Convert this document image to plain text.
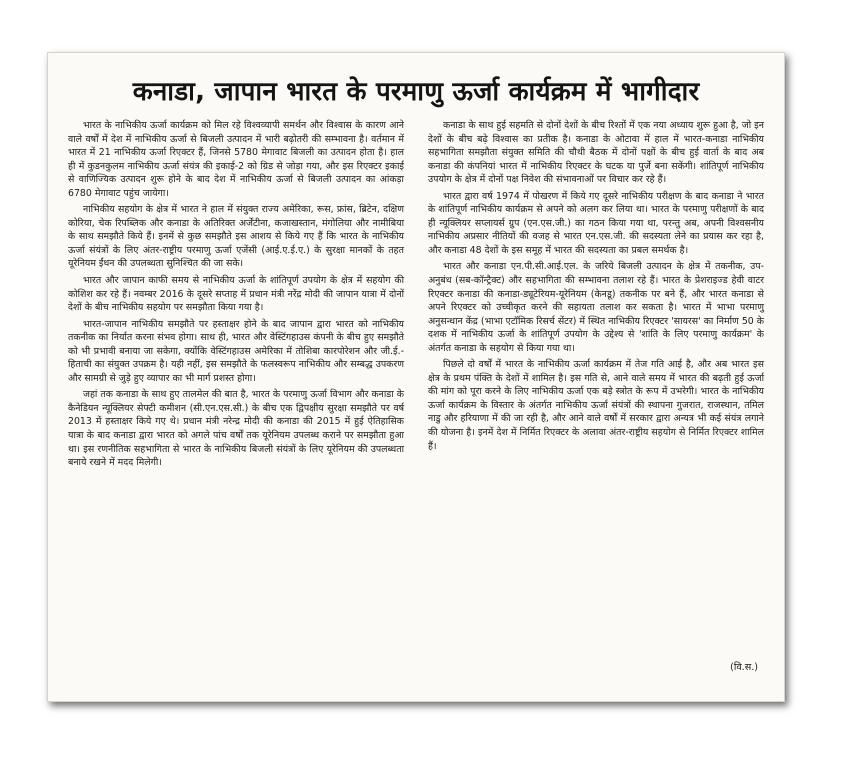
कनाडा, जापान भारत के परमाणु ऊर्जा कार्यक्रम में भागीदार

भारत के नाभिकीय ऊर्जा कार्यक्रम को मिल रहे विश्वव्यापी समर्थन और विश्वास के कारण आने वाले वर्षों में देश में नाभिकीय ऊर्जा से बिजली उत्पादन में भारी बढ़ोतरी की सम्भावना है। वर्तमान में भारत में 21 नाभिकीय ऊर्जा रिएक्टर हैं, जिनसे 5780 मेगावाट बिजली का उत्पादन होता है। हाल ही में कुडनकुलम नाभिकीय ऊर्जा संयंत्र की इकाई-2 को ग्रिड से जोड़ा गया, और इस रिएक्टर इकाई से वाणिज्यिक उत्पादन शुरू होने के बाद देश में नाभिकीय ऊर्जा से बिजली उत्पादन का आंकड़ा 6780 मेगावाट पहुंच जायेगा।

नाभिकीय सहयोग के क्षेत्र में भारत ने हाल में संयुक्त राज्य अमेरिका, रूस, फ्रांस, ब्रिटेन, दक्षिण कोरिया, चेक रिपब्लिक और कनाडा के अतिरिक्त अर्जेंटीना, कजाखस्तान, मंगोलिया और नामीबिया के साथ समझौते किये हैं। इनमें से कुछ समझौते इस आशय से किये गए हैं कि भारत के नाभिकीय ऊर्जा संयंत्रों के लिए अंतर-राष्ट्रीय परमाणु ऊर्जा एजेंसी (आई.ए.ई.ए.) के सुरक्षा मानकों के तहत यूरेनियम ईंधन की उपलब्धता सुनिश्चित की जा सके।

भारत और जापान काफी समय से नाभिकीय ऊर्जा के शांतिपूर्ण उपयोग के क्षेत्र में सहयोग की कोशिश कर रहे हैं। नवम्बर 2016 के दूसरे सप्ताह में प्रधान मंत्री नरेंद्र मोदी की जापान यात्रा में दोनों देशों के बीच नाभिकीय सहयोग पर समझौता किया गया है।

भारत-जापान नाभिकीय समझौते पर हस्ताक्षर होने के बाद जापान द्वारा भारत को नाभिकीय तकनीक का निर्यात करना संभव होगा। साथ ही, भारत और वेस्टिंगहाउस कंपनी के बीच हुए समझौते को भी प्रभावी बनाया जा सकेगा, क्योंकि वेस्टिंगहाउस अमेरिका में तोशिबा कारपोरेशन और जी.ई.-हिताची का संयुक्त उपक्रम है। यही नहीं, इस समझौते के फलस्वरूप नाभिकीय और सम्बद्ध उपकरण और सामग्री से जुड़े हुए व्यापार का भी मार्ग प्रशस्त होगा।

जहां तक कनाडा के साथ हुए तालमेल की बात है, भारत के परमाणु ऊर्जा विभाग और कनाडा के कैनेडियन न्यूक्लियर सेफ्टी कमीशन (सी.एन.एस.सी.) के बीच एक द्विपक्षीय सुरक्षा समझौते पर वर्ष 2013 में हस्ताक्षर किये गए थे। प्रधान मंत्री नरेन्द्र मोदी की कनाडा की 2015 में हुई ऐतिहासिक यात्रा के बाद कनाडा द्वारा भारत को अगले पांच वर्षों तक यूरेनियम उपलब्ध कराने पर समझौता हुआ था। इस रणनीतिक सहभागिता से भारत के नाभिकीय बिजली संयंत्रों के लिए यूरेनियम की उपलब्धता बनाये रखने में मदद मिलेगी।

कनाडा के साथ हुई सहमति से दोनों देशों के बीच रिश्तों में एक नया अध्याय शुरू हुआ है, जो इन देशों के बीच बढ़े विश्वास का प्रतीक है। कनाडा के ओटावा में हाल में भारत-कनाडा नाभिकीय सहभागिता समझौता संयुक्त समिति की चौथी बैठक में दोनों पक्षों के बीच हुई वार्ता के बाद अब कनाडा की कंपनियां भारत में नाभिकीय रिएक्टर के घटक या पुर्जे बना सकेंगी। शांतिपूर्ण नाभिकीय उपयोग के क्षेत्र में दोनों पक्ष निवेश की संभावनाओं पर विचार कर रहे हैं।

भारत द्वारा वर्ष 1974 में पोखरण में किये गए दूसरे नाभिकीय परीक्षण के बाद कनाडा ने भारत के शांतिपूर्ण नाभिकीय कार्यक्रम से अपने को अलग कर लिया था। भारत के परमाणु परीक्षणों के बाद ही न्यूक्लियर सप्लायर्स ग्रुप (एन.एस.जी.) का गठन किया गया था, परन्तु अब, अपनी विश्वसनीय नाभिकीय अप्रसार नीतियों की वजह से भारत एन.एस.जी. की सदस्यता लेने का प्रयास कर रहा है, और कनाडा 48 देशों के इस समूह में भारत की सदस्यता का प्रबल समर्थक है।

भारत और कनाडा एन.पी.सी.आई.एल. के जरिये बिजली उत्पादन के क्षेत्र में तकनीक, उप-अनुबंध (सब-कॉन्ट्रैक्ट) और सहभागिता की सम्भावना तलाश रहे हैं। भारत के प्रेशराइज्ड हेवी वाटर रिएक्टर कनाडा की कनाडा-ड्यूटेरियम-यूरेनियम (केनडू) तकनीक पर बने हैं, और भारत कनाडा से अपने रिएक्टर को उच्चीकृत करने की सहायता तलाश कर सकता है। भारत में भाभा परमाणु अनुसन्धान केंद्र (भाभा एटॉमिक रिसर्च सेंटर) में स्थित नाभिकीय रिएक्टर 'सायरस' का निर्माण 50 के दशक में नाभिकीय ऊर्जा के शांतिपूर्ण उपयोग के उद्देश्य से 'शांति के लिए परमाणु कार्यक्रम' के अंतर्गत कनाडा के सहयोग से किया गया था।

पिछले दो वर्षों में भारत के नाभिकीय ऊर्जा कार्यक्रम में तेज गति आई है, और अब भारत इस क्षेत्र के प्रथम पंक्ति के देशों में शामिल है। इस गति से, आने वाले समय में भारत की बढ़ती हुई ऊर्जा की मांग को पूरा करने के लिए नाभिकीय ऊर्जा एक बड़े स्त्रोत के रूप में उभरेगी। भारत के नाभिकीय ऊर्जा कार्यक्रम के विस्तार के अंतर्गत नाभिकीय ऊर्जा संयंत्रों की स्थापना गुजरात, राजस्थान, तमिल नाडु और हरियाणा में की जा रही है, और आने वाले वर्षों में सरकार द्वारा अन्यत्र भी कई संयंत्र लगाने की योजना है। इनमें देश में निर्मित रिएक्टर के अलावा अंतर-राष्ट्रीय सहयोग से निर्मित रिएक्टर शामिल हैं।

(वि.स.)
